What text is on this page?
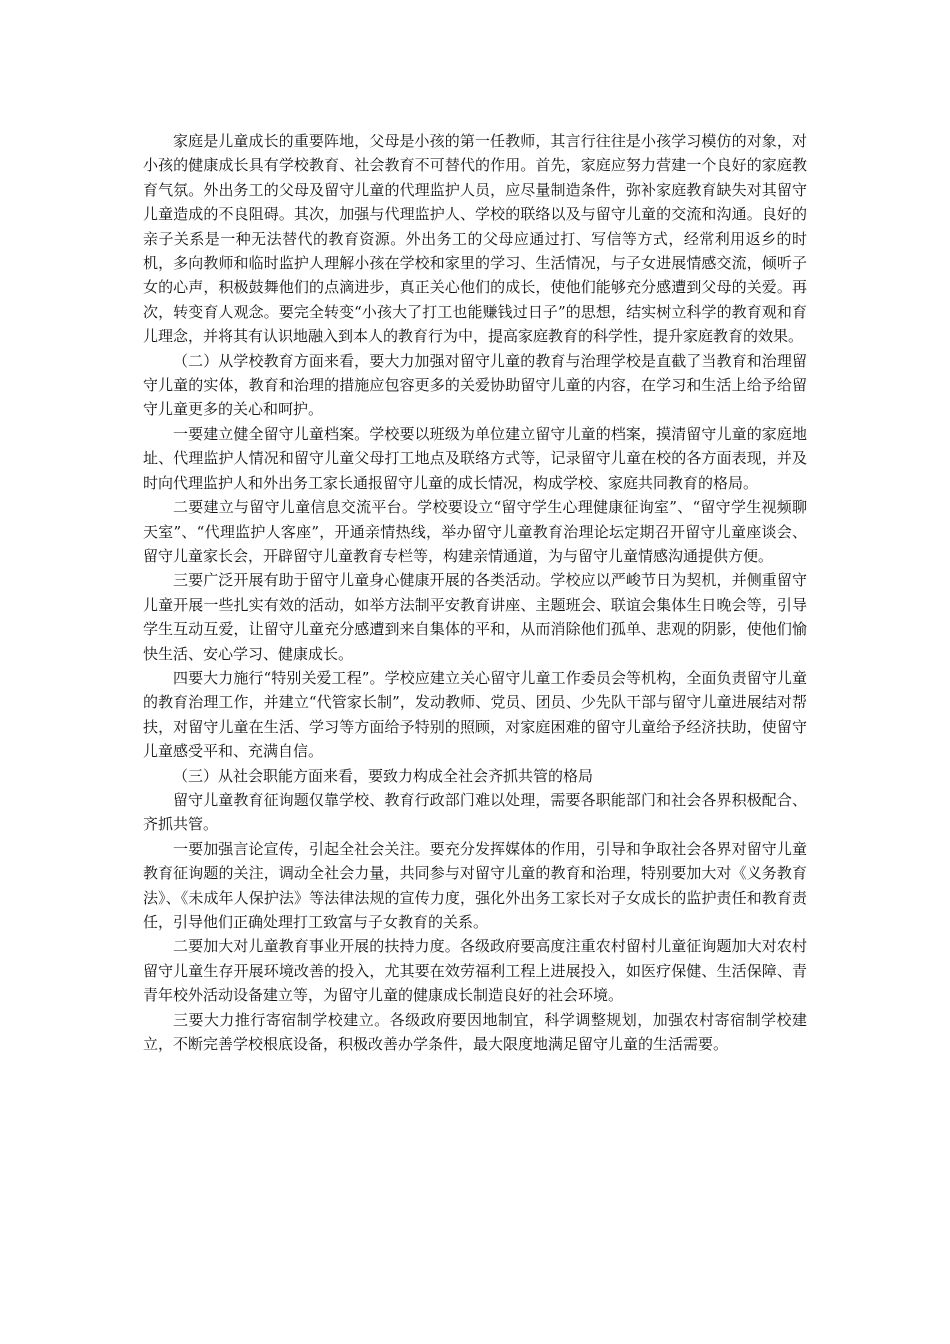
家庭是儿童成长的重要阵地，父母是小孩的第一任教师，其言行往往是小孩学习模仿的对象，对小孩的健康成长具有学校教育、社会教育不可替代的作用。首先，家庭应努力营建一个良好的家庭教育气氛。外出务工的父母及留守儿童的代理监护人员，应尽量制造条件，弥补家庭教育缺失对其留守儿童造成的不良阻碍。其次，加强与代理监护人、学校的联络以及与留守儿童的交流和沟通。良好的亲子关系是一种无法替代的教育资源。外出务工的父母应通过打、写信等方式，经常利用返乡的时机，多向教师和临时监护人理解小孩在学校和家里的学习、生活情况，与子女进展情感交流，倾听子女的心声，积极鼓舞他们的点滴进步，真正关心他们的成长，使他们能够充分感遭到父母的关爱。再次，转变育人观念。要完全转变“小孩大了打工也能赚钱过日子”的思想，结实树立科学的教育观和育儿理念，并将其有认识地融入到本人的教育行为中，提高家庭教育的科学性，提升家庭教育的效果。

（二）从学校教育方面来看，要大力加强对留守儿童的教育与治理学校是直截了当教育和治理留守儿童的实体，教育和治理的措施应包容更多的关爱协助留守儿童的内容，在学习和生活上给予给留守儿童更多的关心和呵护。

一要建立健全留守儿童档案。学校要以班级为单位建立留守儿童的档案，摸清留守儿童的家庭地址、代理监护人情况和留守儿童父母打工地点及联络方式等，记录留守儿童在校的各方面表现，并及时向代理监护人和外出务工家长通报留守儿童的成长情况，构成学校、家庭共同教育的格局。

二要建立与留守儿童信息交流平台。学校要设立“留守学生心理健康征询室”、“留守学生视频聊天室”、“代理监护人客座”，开通亲情热线，举办留守儿童教育治理论坛定期召开留守儿童座谈会、留守儿童家长会，开辟留守儿童教育专栏等，构建亲情通道，为与留守儿童情感沟通提供方便。

三要广泛开展有助于留守儿童身心健康开展的各类活动。学校应以严峻节日为契机，并侧重留守儿童开展一些扎实有效的活动，如举方法制平安教育讲座、主题班会、联谊会集体生日晚会等，引导学生互动互爱，让留守儿童充分感遭到来自集体的平和，从而消除他们孤单、悲观的阴影，使他们愉快生活、安心学习、健康成长。

四要大力施行“特别关爱工程”。学校应建立关心留守儿童工作委员会等机构，全面负责留守儿童的教育治理工作，并建立“代管家长制”，发动教师、党员、团员、少先队干部与留守儿童进展结对帮扶，对留守儿童在生活、学习等方面给予特别的照顾，对家庭困难的留守儿童给予经济扶助，使留守儿童感受平和、充满自信。

（三）从社会职能方面来看，要致力构成全社会齐抓共管的格局

留守儿童教育征询题仅靠学校、教育行政部门难以处理，需要各职能部门和社会各界积极配合、齐抓共管。

一要加强言论宣传，引起全社会关注。要充分发挥媒体的作用，引导和争取社会各界对留守儿童教育征询题的关注，调动全社会力量，共同参与对留守儿童的教育和治理，特别要加大对《义务教育法》、《未成年人保护法》等法律法规的宣传力度，强化外出务工家长对子女成长的监护责任和教育责任，引导他们正确处理打工致富与子女教育的关系。

二要加大对儿童教育事业开展的扶持力度。各级政府要高度注重农村留村儿童征询题加大对农村留守儿童生存开展环境改善的投入，尤其要在效劳福利工程上进展投入，如医疗保健、生活保障、青青年校外活动设备建立等，为留守儿童的健康成长制造良好的社会环境。

三要大力推行寄宿制学校建立。各级政府要因地制宜，科学调整规划，加强农村寄宿制学校建立，不断完善学校根底设备，积极改善办学条件，最大限度地满足留守儿童的生活需要。
